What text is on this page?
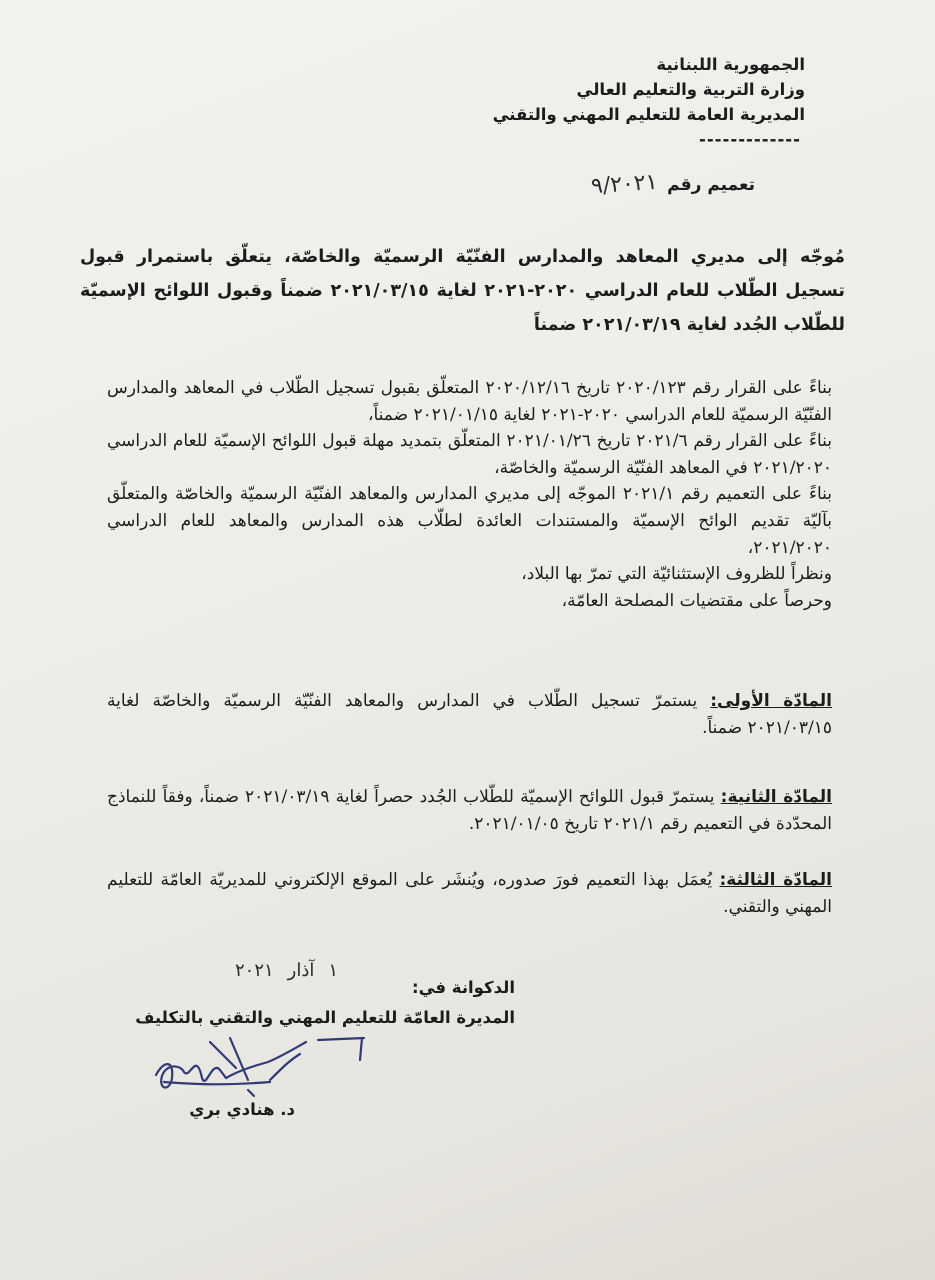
الجمهورية اللبنانية
وزارة التربية والتعليم العالي
المديرية العامة للتعليم المهني والتقني
-------------
تعميم رقم
٩/٢٠٢١
مُوجّه إلى مديري المعاهد والمدارس الفنّيّة الرسميّة والخاصّة، يتعلّق باستمرار قبول تسجيل الطّلاب للعام الدراسي ٢٠٢٠-٢٠٢١ لغاية ٢٠٢١/٠٣/١٥ ضمناً وقبول اللوائح الإسميّة للطّلاب الجُدد لغاية ٢٠٢١/٠٣/١٩ ضمناً
بناءً على القرار رقم ٢٠٢٠/١٢٣ تاريخ ٢٠٢٠/١٢/١٦ المتعلّق بقبول تسجيل الطّلاب في المعاهد والمدارس الفنّيّة الرسميّة للعام الدراسي ٢٠٢٠-٢٠٢١ لغاية ٢٠٢١/٠١/١٥ ضمناً،
بناءً على القرار رقم ٢٠٢١/٦ تاريخ ٢٠٢١/٠١/٢٦ المتعلّق بتمديد مهلة قبول اللوائح الإسميّة للعام الدراسي ٢٠٢١/٢٠٢٠ في المعاهد الفنّيّة الرسميّة والخاصّة،
بناءً على التعميم رقم ٢٠٢١/١ الموجّه إلى مديري المدارس والمعاهد الفنّيّة الرسميّة والخاصّة والمتعلّق بآليّة تقديم الوائح الإسميّة والمستندات العائدة لطلّاب هذه المدارس والمعاهد للعام الدراسي ٢٠٢١/٢٠٢٠،
ونظراً للظروف الإستثنائيّة التي تمرّ بها البلاد،
وحرصاً على مقتضيات المصلحة العامّة،
المادّة الأولى: يستمرّ تسجيل الطّلاب في المدارس والمعاهد الفنّيّة الرسميّة والخاصّة لغاية ٢٠٢١/٠٣/١٥ ضمناً.
المادّة الثانية: يستمرّ قبول اللوائح الإسميّة للطّلاب الجُدد حصراً لغاية ٢٠٢١/٠٣/١٩ ضمناً، وفقاً للنماذج المحدّدة في التعميم رقم ٢٠٢١/١ تاريخ ٢٠٢١/٠١/٠٥.
المادّة الثالثة: يُعمَل بهذا التعميم فورَ صدوره، ويُنشَر على الموقع الإلكتروني للمديريّة العامّة للتعليم المهني والتقني.
١
آذار
٢٠٢١
الدكوانة في:
المديرة العامّة للتعليم المهني والتقني بالتكليف
د. هنادي بري
